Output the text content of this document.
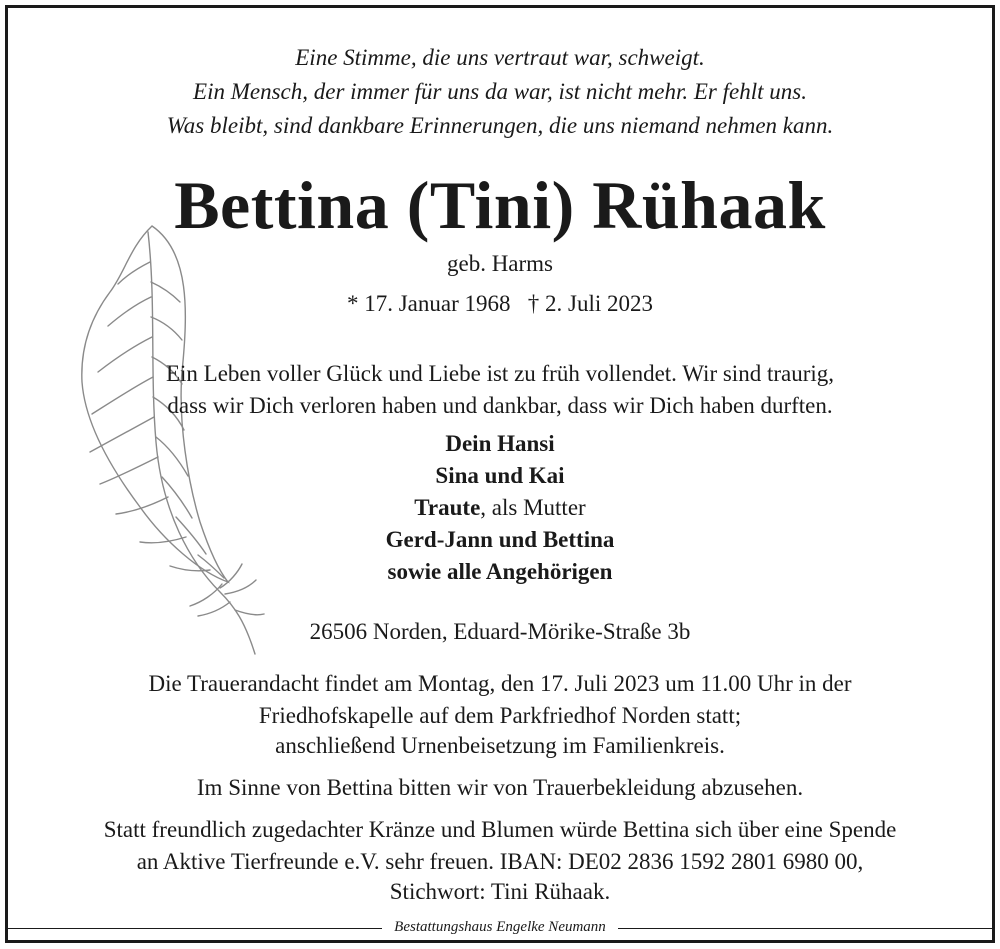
Eine Stimme, die uns vertraut war, schweigt.
Ein Mensch, der immer für uns da war, ist nicht mehr. Er fehlt uns.
Was bleibt, sind dankbare Erinnerungen, die uns niemand nehmen kann.
Bettina (Tini) Rühaak
geb. Harms
* 17. Januar 1968   † 2. Juli 2023
Ein Leben voller Glück und Liebe ist zu früh vollendet. Wir sind traurig,
dass wir Dich verloren haben und dankbar, dass wir Dich haben durften.
Dein Hansi
Sina und Kai
Traute, als Mutter
Gerd-Jann und Bettina
sowie alle Angehörigen
26506 Norden, Eduard-Mörike-Straße 3b
Die Trauerandacht findet am Montag, den 17. Juli 2023 um 11.00 Uhr in der
Friedhofskapelle auf dem Parkfriedhof Norden statt;
anschließend Urnenbeisetzung im Familienkreis.
Im Sinne von Bettina bitten wir von Trauerbekleidung abzusehen.
Statt freundlich zugedachter Kränze und Blumen würde Bettina sich über eine Spende
an Aktive Tierfreunde e.V. sehr freuen. IBAN: DE02 2836 1592 2801 6980 00,
Stichwort: Tini Rühaak.
Bestattungshaus Engelke Neumann
